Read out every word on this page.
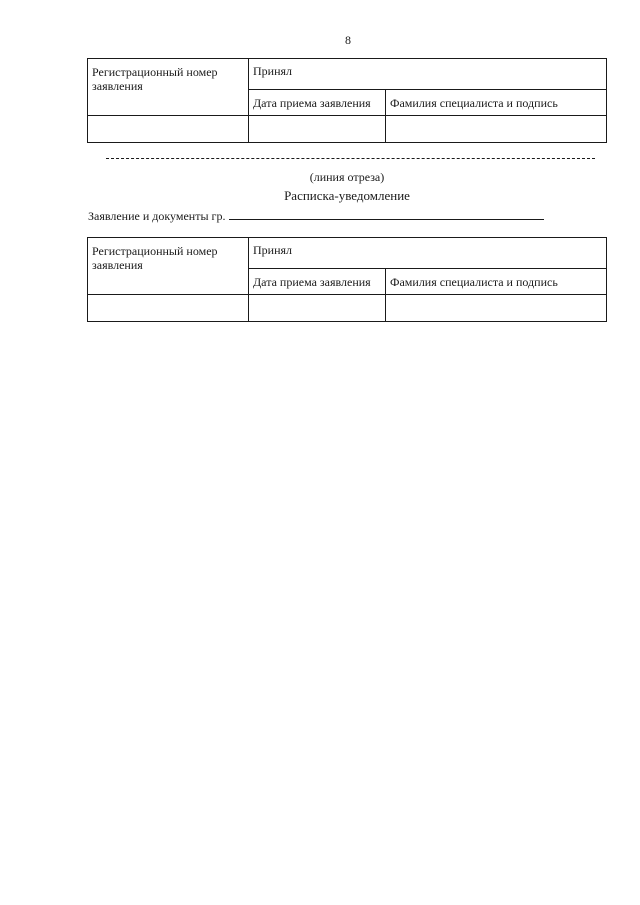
8
Регистрационный номер заявления	Принял	
	Дата приема заявления	Фамилия специалиста и подпись

(линия отреза)
Расписка-уведомление
Заявление и документы гр.
Регистрационный номер заявления	Принял	
	Дата приема заявления	Фамилия специалиста и подпись
